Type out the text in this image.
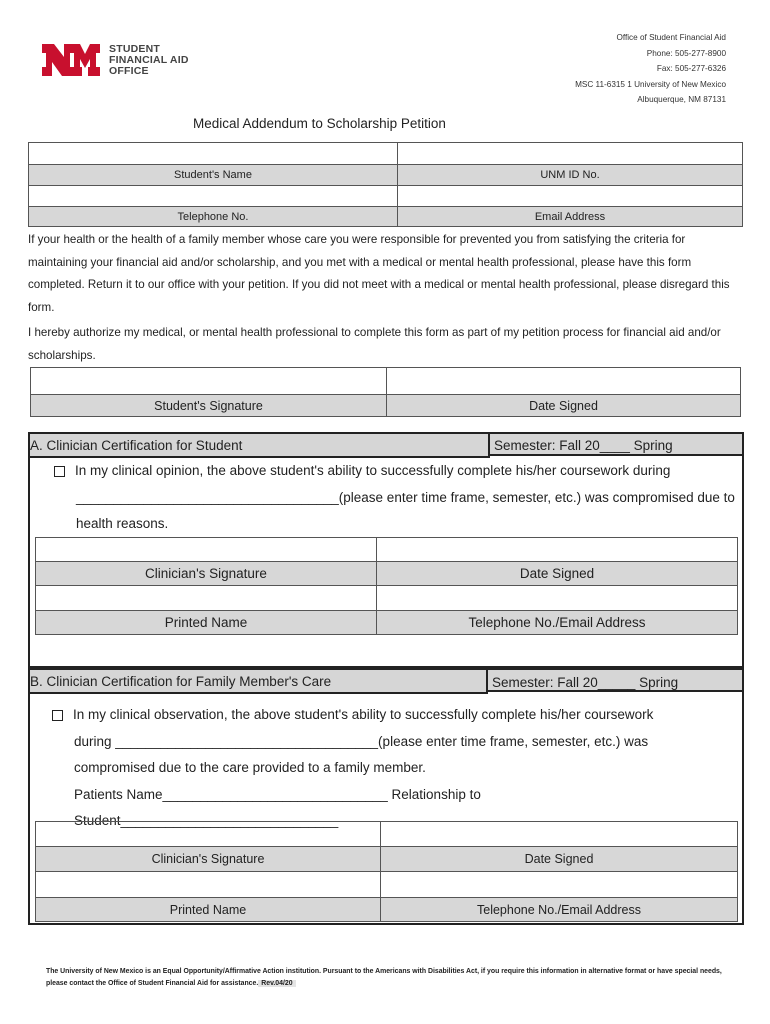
STUDENT
FINANCIAL AID
OFFICE
Office of Student Financial Aid
Phone: 505-277-8900
Fax: 505-277-6326
MSC 11-6315 1 University of New Mexico
Albuquerque, NM 87131
Medical Addendum to Scholarship Petition

Student's Name	UNM ID No.

Telephone No.	Email Address
If your health or the health of a family member whose care you were responsible for prevented you from satisfying the criteria for maintaining your financial aid and/or scholarship, and you met with a medical or mental health professional, please have this form completed. Return it to our office with your petition. If you did not meet with a medical or mental health professional, please disregard this form.
I hereby authorize my medical, or mental health professional to complete this form as part of my petition process for financial aid and/or scholarships.

Student's Signature	Date Signed
A. Clinician Certification for Student	Semester: Fall 20____ Spring
In my clinical opinion, the above student's ability to successfully complete his/her coursework during
___________________________________(please enter time frame, semester, etc.) was compromised due to
health reasons.

Clinician's Signature	Date Signed

Printed Name	Telephone No./Email Address
B. Clinician Certification for Family Member's Care	Semester: Fall 20_____ Spring
In my clinical observation, the above student's ability to successfully complete his/her coursework
during ___________________________________(please enter time frame, semester, etc.) was
compromised due to the care provided to a family member.
Patients Name______________________________ Relationship to Student_____________________________

Clinician's Signature	Date Signed

Printed Name	Telephone No./Email Address
The University of New Mexico is an Equal Opportunity/Affirmative Action institution. Pursuant to the Americans with Disabilities Act, if you require this information in alternative format or have special needs, please contact the Office of Student Financial Aid for assistance. Rev.04/20
